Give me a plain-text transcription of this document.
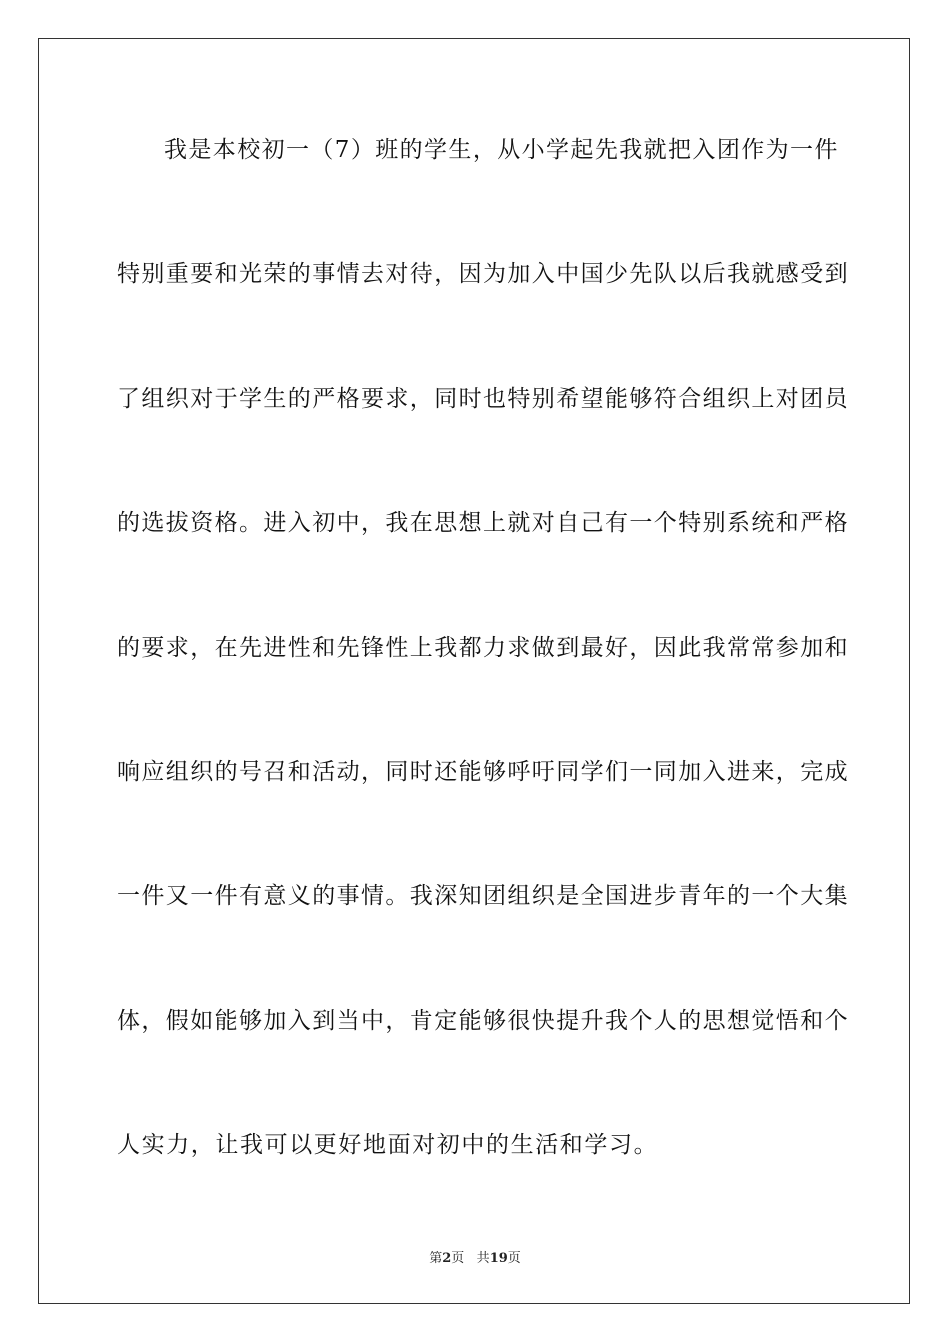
我是本校初一（7）班的学生，从小学起先我就把入团作为一件
特别重要和光荣的事情去对待，因为加入中国少先队以后我就感受到
了组织对于学生的严格要求，同时也特别希望能够符合组织上对团员
的选拔资格。进入初中，我在思想上就对自己有一个特别系统和严格
的要求，在先进性和先锋性上我都力求做到最好，因此我常常参加和
响应组织的号召和活动，同时还能够呼吁同学们一同加入进来，完成
一件又一件有意义的事情。我深知团组织是全国进步青年的一个大集
体，假如能够加入到当中，肯定能够很快提升我个人的思想觉悟和个
人实力，让我可以更好地面对初中的生活和学习。
第2页 共19页
